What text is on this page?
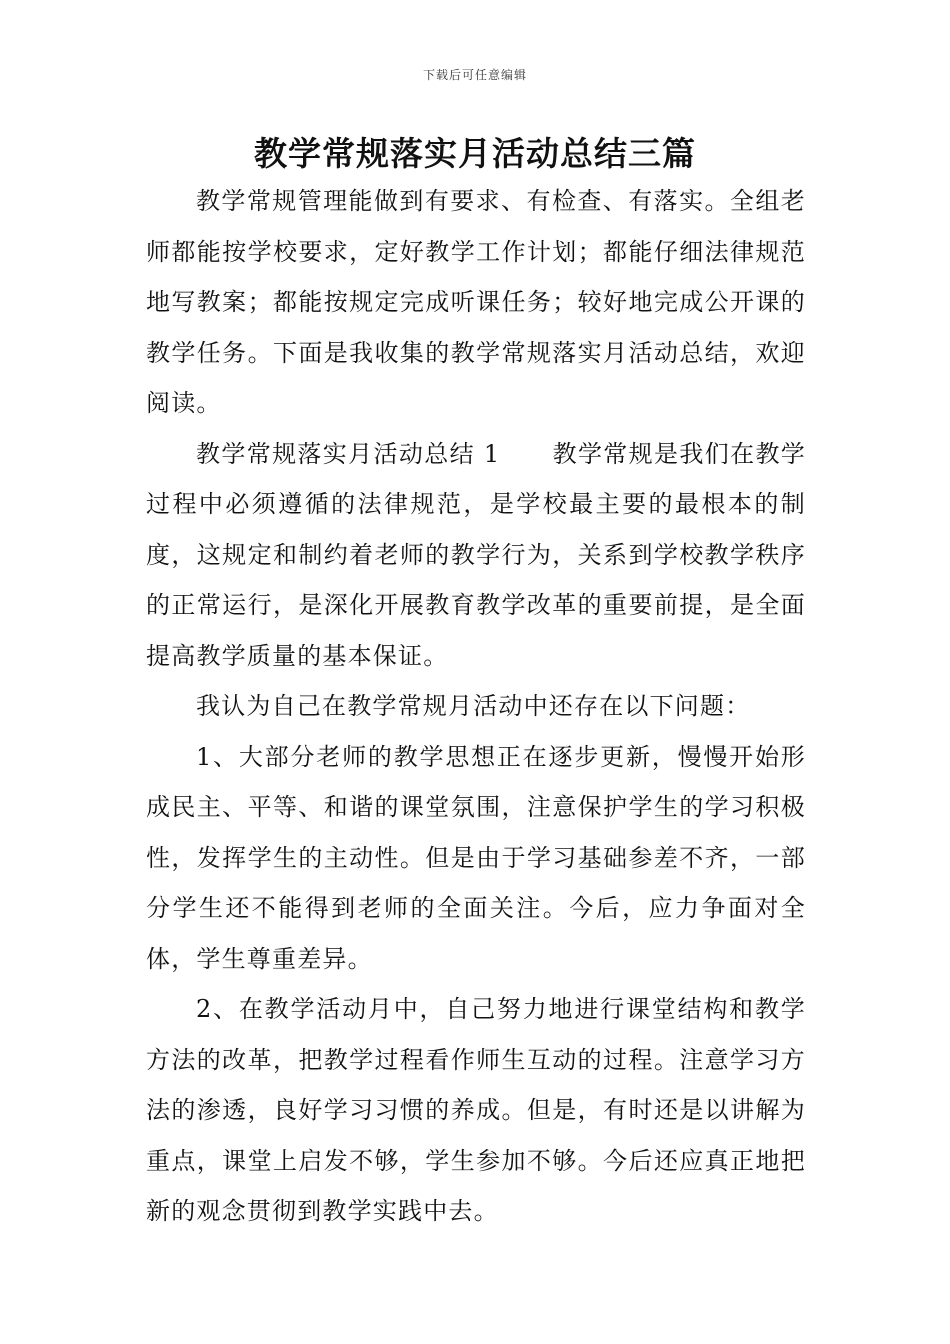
下载后可任意编辑
教学常规落实月活动总结三篇

教学常规管理能做到有要求、有检查、有落实。全组老师都能按学校要求，定好教学工作计划；都能仔细法律规范地写教案；都能按规定完成听课任务；较好地完成公开课的教学任务。下面是我收集的教学常规落实月活动总结，欢迎阅读。

教学常规落实月活动总结 1 教学常规是我们在教学过程中必须遵循的法律规范，是学校最主要的最根本的制度，这规定和制约着老师的教学行为，关系到学校教学秩序的正常运行，是深化开展教育教学改革的重要前提，是全面提高教学质量的基本保证。

我认为自己在教学常规月活动中还存在以下问题：

1、大部分老师的教学思想正在逐步更新，慢慢开始形成民主、平等、和谐的课堂氛围，注意保护学生的学习积极性，发挥学生的主动性。但是由于学习基础参差不齐，一部分学生还不能得到老师的全面关注。今后，应力争面对全体，学生尊重差异。

2、在教学活动月中，自己努力地进行课堂结构和教学方法的改革，把教学过程看作师生互动的过程。注意学习方法的渗透，良好学习习惯的养成。但是，有时还是以讲解为重点，课堂上启发不够，学生参加不够。今后还应真正地把新的观念贯彻到教学实践中去。
